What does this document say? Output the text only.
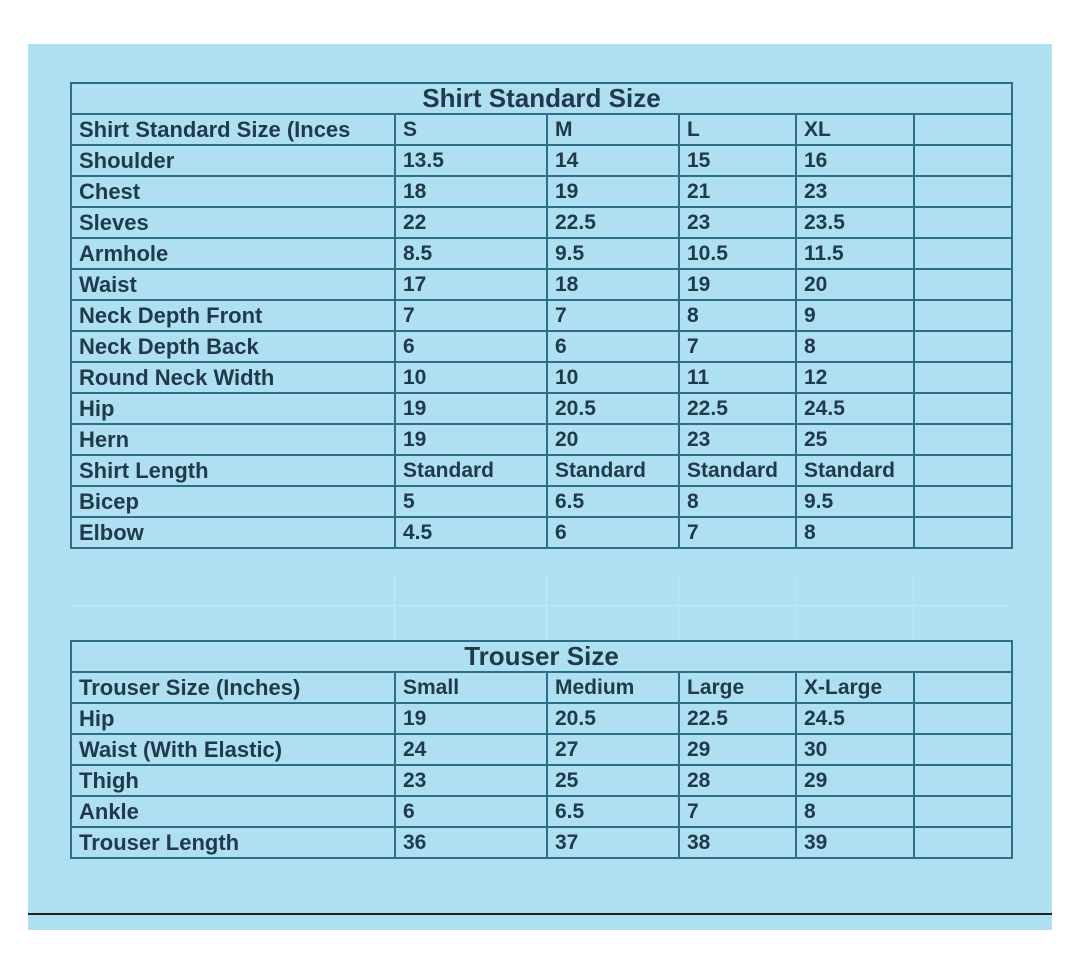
Shirt Standard Size					
Shirt Standard Size (Inces	S	M	L	XL	
Shoulder	13.5	14	15	16	
Chest	18	19	21	23	
Sleves	22	22.5	23	23.5	
Armhole	8.5	9.5	10.5	11.5	
Waist	17	18	19	20	
Neck Depth Front	7	7	8	9	
Neck Depth Back	6	6	7	8	
Round Neck Width	10	10	11	12	
Hip	19	20.5	22.5	24.5	
Hern	19	20	23	25	
Shirt Length	Standard	Standard	Standard	Standard	
Bicep	5	6.5	8	9.5	
Elbow	4.5	6	7	8	
Trouser Size					
Trouser Size (Inches)	Small	Medium	Large	X-Large	
Hip	19	20.5	22.5	24.5	
Waist (With Elastic)	24	27	29	30	
Thigh	23	25	28	29	
Ankle	6	6.5	7	8	
Trouser Length	36	37	38	39	
